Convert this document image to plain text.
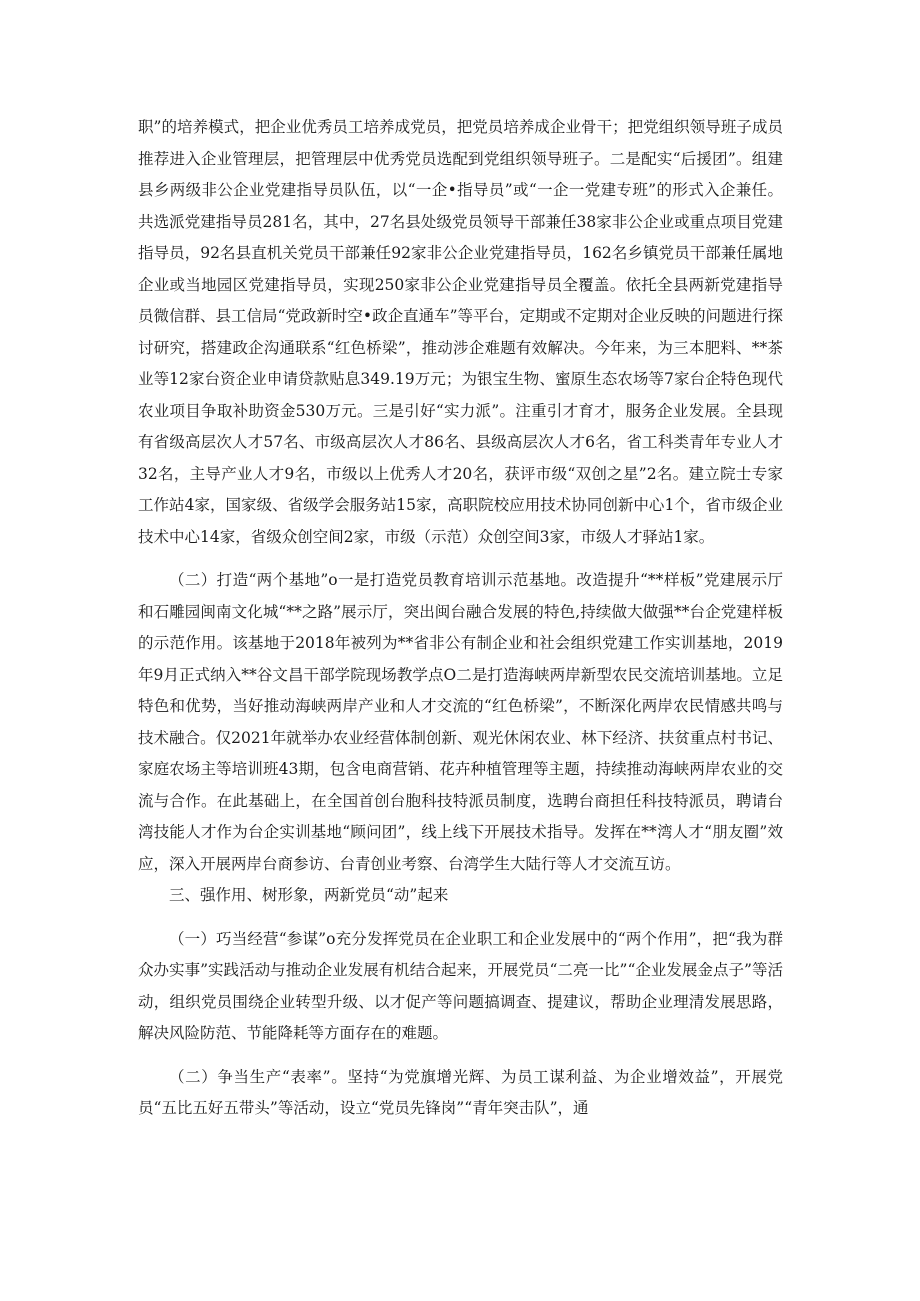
职”的培养模式，把企业优秀员工培养成党员，把党员培养成企业骨干；把党组织领导班子成员推荐进入企业管理层，把管理层中优秀党员选配到党组织领导班子。二是配实“后援团”。组建县乡两级非公企业党建指导员队伍，以“一企•指导员”或“一企一党建专班”的形式入企兼任。共选派党建指导员281名，其中，27名县处级党员领导干部兼任38家非公企业或重点项目党建指导员，92名县直机关党员干部兼任92家非公企业党建指导员，162名乡镇党员干部兼任属地企业或当地园区党建指导员，实现250家非公企业党建指导员全覆盖。依托全县两新党建指导员微信群、县工信局“党政新时空•政企直通车”等平台，定期或不定期对企业反映的问题进行探讨研究，搭建政企沟通联系“红色桥梁”，推动涉企难题有效解决。今年来，为三本肥料、**茶业等12家台资企业申请贷款贴息349.19万元；为银宝生物、蜜原生态农场等7家台企特色现代农业项目争取补助资金530万元。三是引好“实力派”。注重引才育才，服务企业发展。全县现有省级高层次人才57名、市级高层次人才86名、县级高层次人才6名，省工科类青年专业人才32名，主导产业人才9名，市级以上优秀人才20名，获评市级“双创之星”2名。建立院士专家工作站4家，国家级、省级学会服务站15家，高职院校应用技术协同创新中心1个，省市级企业技术中心14家，省级众创空间2家，市级（示范）众创空间3家，市级人才驿站1家。

（二）打造“两个基地”o一是打造党员教育培训示范基地。改造提升“**样板”党建展示厅和石雕园闽南文化城“**之路”展示厅，突出闽台融合发展的特色,持续做大做强**台企党建样板的示范作用。该基地于2018年被列为**省非公有制企业和社会组织党建工作实训基地，2019年9月正式纳入**谷文昌干部学院现场教学点O二是打造海峡两岸新型农民交流培训基地。立足特色和优势，当好推动海峡两岸产业和人才交流的“红色桥梁”，不断深化两岸农民情感共鸣与技术融合。仅2021年就举办农业经营体制创新、观光休闲农业、林下经济、扶贫重点村书记、家庭农场主等培训班43期，包含电商营销、花卉种植管理等主题，持续推动海峡两岸农业的交流与合作。在此基础上，在全国首创台胞科技特派员制度，选聘台商担任科技特派员，聘请台湾技能人才作为台企实训基地“顾问团”，线上线下开展技术指导。发挥在**湾人才“朋友圈”效应，深入开展两岸台商参访、台青创业考察、台湾学生大陆行等人才交流互访。

三、强作用、树形象，两新党员“动”起来

（一）巧当经营“参谋”o充分发挥党员在企业职工和企业发展中的“两个作用”，把“我为群众办实事”实践活动与推动企业发展有机结合起来，开展党员“二亮一比”“企业发展金点子”等活动，组织党员围绕企业转型升级、以才促产等问题搞调查、提建议，帮助企业理清发展思路，解决风险防范、节能降耗等方面存在的难题。

（二）争当生产“表率”。坚持“为党旗增光辉、为员工谋利益、为企业增效益”，开展党员“五比五好五带头”等活动，设立“党员先锋岗”“青年突击队”，通
